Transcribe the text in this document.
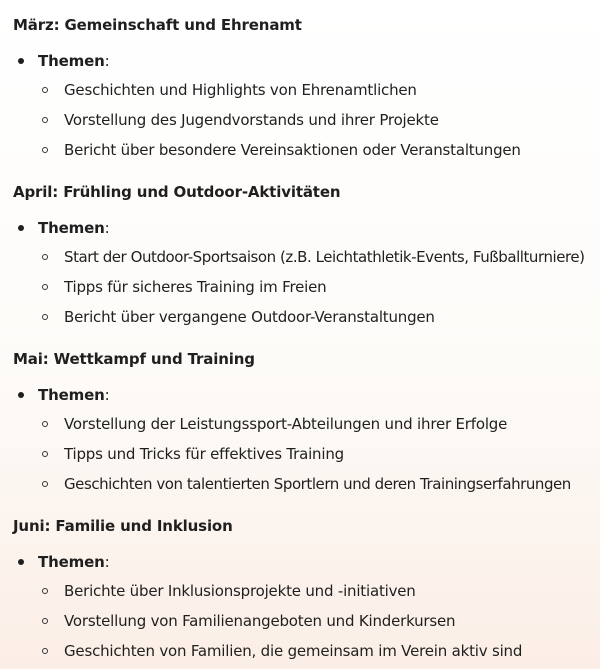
März: Gemeinschaft und Ehrenamt
Themen:
Geschichten und Highlights von Ehrenamtlichen
Vorstellung des Jugendvorstands und ihrer Projekte
Bericht über besondere Vereinsaktionen oder Veranstaltungen
April: Frühling und Outdoor-Aktivitäten
Themen:
Start der Outdoor-Sportsaison (z.B. Leichtathletik-Events, Fußballturniere)
Tipps für sicheres Training im Freien
Bericht über vergangene Outdoor-Veranstaltungen
Mai: Wettkampf und Training
Themen:
Vorstellung der Leistungssport-Abteilungen und ihrer Erfolge
Tipps und Tricks für effektives Training
Geschichten von talentierten Sportlern und deren Trainingserfahrungen
Juni: Familie und Inklusion
Themen:
Berichte über Inklusionsprojekte und -initiativen
Vorstellung von Familienangeboten und Kinderkursen
Geschichten von Familien, die gemeinsam im Verein aktiv sind
